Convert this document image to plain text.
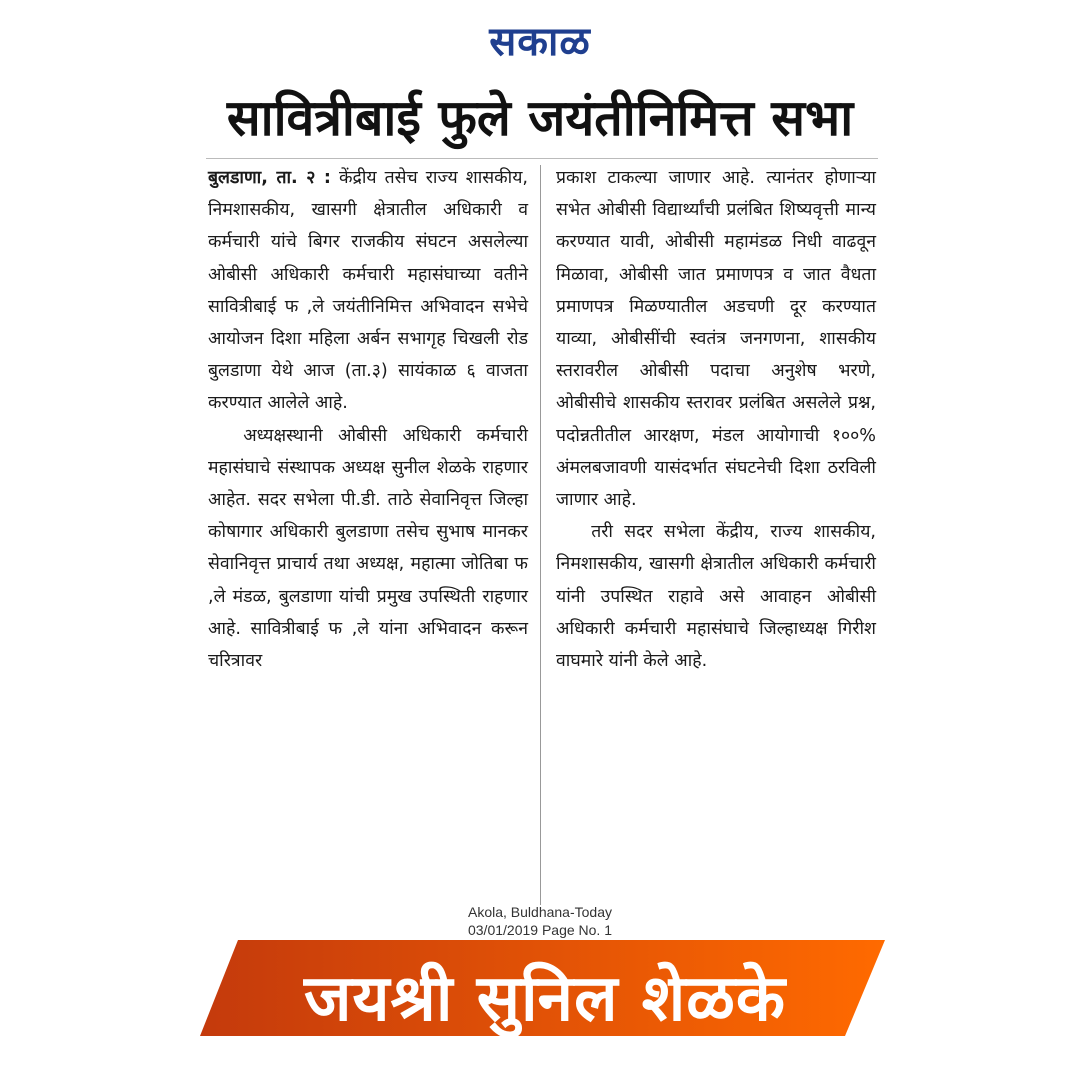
सकाळ
सावित्रीबाई फुले जयंतीनिमित्त सभा

बुलडाणा, ता. २ : केंद्रीय तसेच राज्य शासकीय, निमशासकीय, खासगी क्षेत्रातील अधिकारी व कर्मचारी यांचे बिगर राजकीय संघटन असलेल्या ओबीसी अधिकारी कर्मचारी महासंघाच्या वतीने सावित्रीबाई फ ,ले जयंतीनिमित्त अभिवादन सभेचे आयोजन दिशा महिला अर्बन सभागृह चिखली रोड बुलडाणा येथे आज (ता.३) सायंकाळ ६ वाजता करण्यात आलेले आहे.

अध्यक्षस्थानी ओबीसी अधिकारी कर्मचारी महासंघाचे संस्थापक अध्यक्ष सुनील शेळके राहणार आहेत. सदर सभेला पी.डी. ताठे सेवानिवृत्त जिल्हा कोषागार अधिकारी बुलडाणा तसेच सुभाष मानकर सेवानिवृत्त प्राचार्य तथा अध्यक्ष, महात्मा जोतिबा फ ,ले मंडळ, बुलडाणा यांची प्रमुख उपस्थिती राहणार आहे. सावित्रीबाई फ ,ले यांना अभिवादन करून चरित्रावर

प्रकाश टाकल्या जाणार आहे. त्यानंतर होणाऱ्या सभेत ओबीसी विद्यार्थ्यांची प्रलंबित शिष्यवृत्ती मान्य करण्यात यावी, ओबीसी महामंडळ निधी वाढवून मिळावा, ओबीसी जात प्रमाणपत्र व जात वैधता प्रमाणपत्र मिळण्यातील अडचणी दूर करण्यात याव्या, ओबीसींची स्वतंत्र जनगणना, शासकीय स्तरावरील ओबीसी पदाचा अनुशेष भरणे, ओबीसीचे शासकीय स्तरावर प्रलंबित असलेले प्रश्न, पदोन्नतीतील आरक्षण, मंडल आयोगाची १००% अंमलबजावणी यासंदर्भात संघटनेची दिशा ठरविली जाणार आहे.

तरी सदर सभेला केंद्रीय, राज्य शासकीय, निमशासकीय, खासगी क्षेत्रातील अधिकारी कर्मचारी यांनी उपस्थित राहावे असे आवाहन ओबीसी अधिकारी कर्मचारी महासंघाचे जिल्हाध्यक्ष गिरीश वाघमारे यांनी केले आहे.

Akola, Buldhana-Today
03/01/2019 Page No. 1
जयश्री सुनिल शेळके
